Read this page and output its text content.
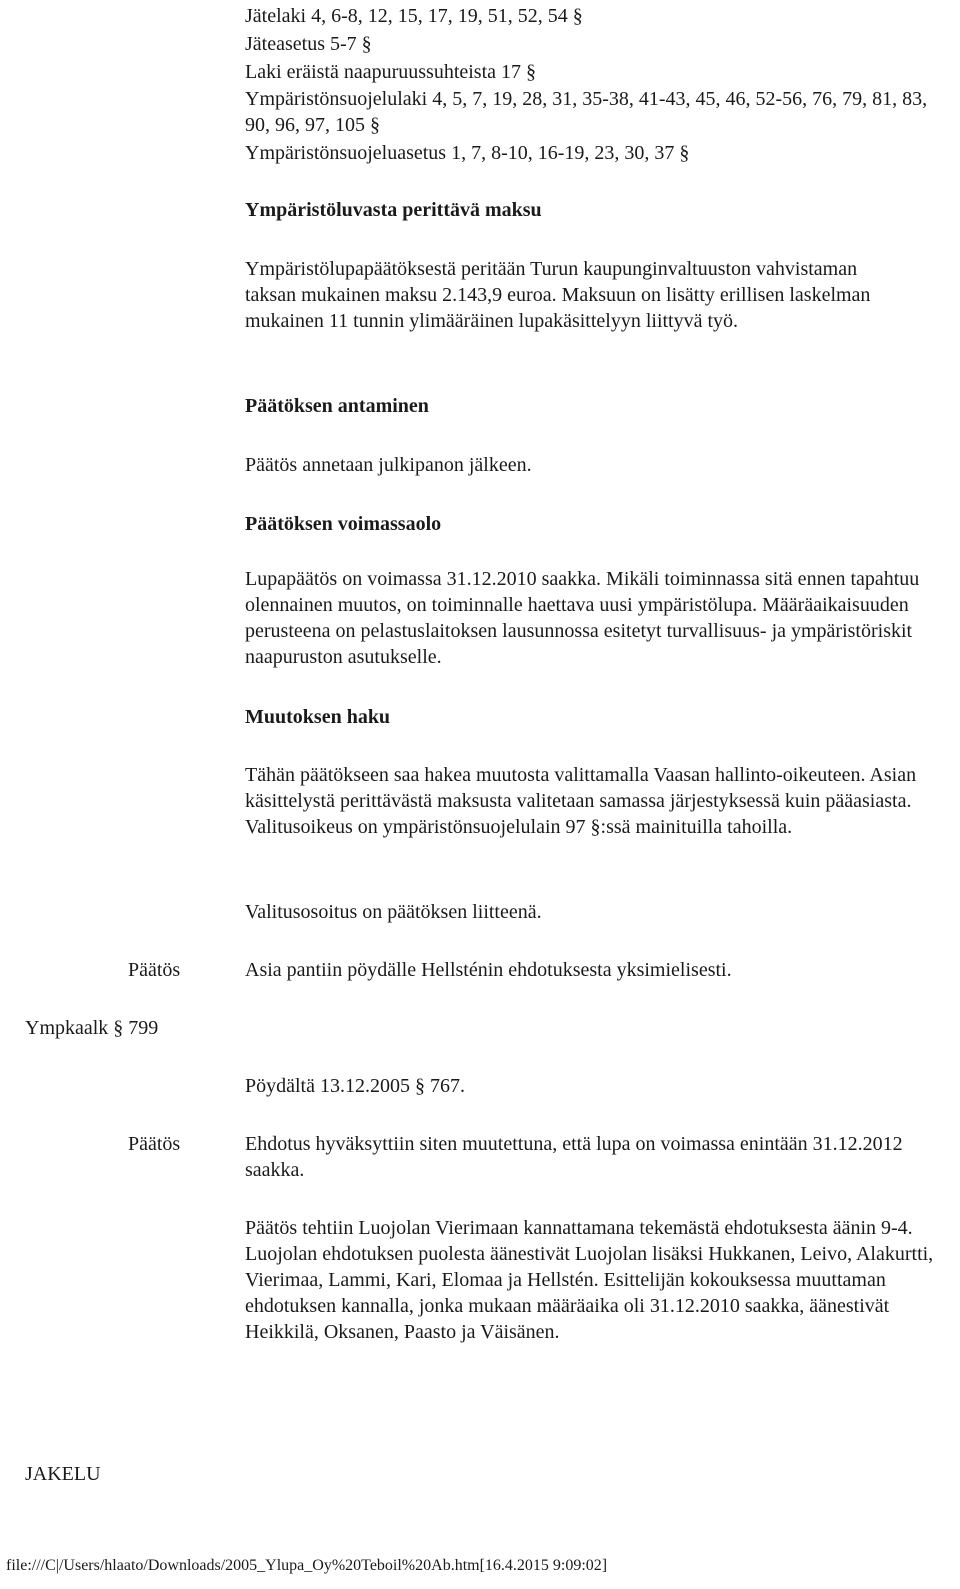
Jätelaki 4, 6-8, 12, 15, 17, 19, 51, 52, 54 §

Jäteasetus 5-7 §

Laki eräistä naapuruussuhteista 17 §

Ympäristönsuojelulaki 4, 5, 7, 19, 28, 31, 35-38, 41-43, 45, 46, 52-56, 76, 79, 81, 83, 90, 96, 97, 105 §

Ympäristönsuojeluasetus 1, 7, 8-10, 16-19, 23, 30, 37 §

Ympäristöluvasta perittävä maksu

Ympäristölupapäätöksestä peritään Turun kaupunginvaltuuston vahvistaman taksan mukainen maksu 2.143,9 euroa. Maksuun on lisätty erillisen laskelman mukainen 11 tunnin ylimääräinen lupakäsittelyyn liittyvä työ.

Päätöksen antaminen

Päätös annetaan julkipanon jälkeen.

Päätöksen voimassaolo

Lupapäätös on voimassa 31.12.2010 saakka. Mikäli toiminnassa sitä ennen tapahtuu olennainen muutos, on toiminnalle haettava uusi ympäristölupa. Määräaikaisuuden perusteena on pelastuslaitoksen lausunnossa esitetyt turvallisuus- ja ympäristöriskit naapuruston asutukselle.

Muutoksen haku

Tähän päätökseen saa hakea muutosta valittamalla Vaasan hallinto-oikeuteen. Asian käsittelystä perittävästä maksusta valitetaan samassa järjestyksessä kuin pääasiasta. Valitusoikeus on ympäristönsuojelulain 97 §:ssä mainituilla tahoilla.

Valitusosoitus on päätöksen liitteenä.

Päätös	Asia pantiin pöydälle Hellsténin ehdotuksesta yksimielisesti.

Ympkaalk § 799

Pöydältä 13.12.2005 § 767.

Päätös	Ehdotus hyväksyttiin siten muutettuna, että lupa on voimassa enintään 31.12.2012 saakka.

Päätös tehtiin Luojolan Vierimaan kannattamana tekemästä ehdotuksesta äänin 9-4. Luojolan ehdotuksen puolesta äänestivät Luojolan lisäksi Hukkanen, Leivo, Alakurtti, Vierimaa, Lammi, Kari, Elomaa ja Hellstén. Esittelijän kokouksessa muuttaman ehdotuksen kannalla, jonka mukaan määräaika oli 31.12.2010 saakka, äänestivät Heikkilä, Oksanen, Paasto ja Väisänen.

JAKELU

file:///C|/Users/hlaato/Downloads/2005_Ylupa_Oy%20Teboil%20Ab.htm[16.4.2015 9:09:02]
